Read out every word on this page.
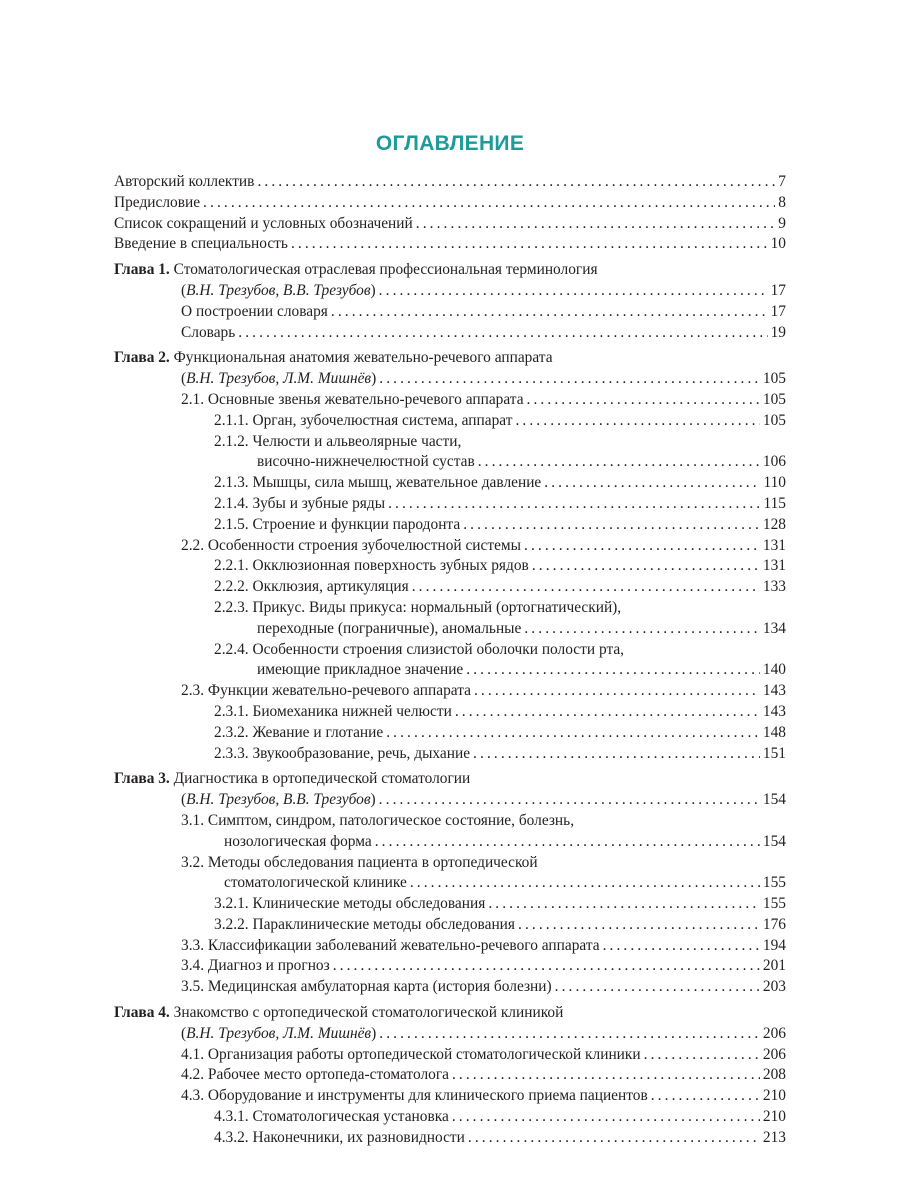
ОГЛАВЛЕНИЕ
Авторский коллектив .....	7
Предисловие .....	8
Список сокращений и условных обозначений .....	9
Введение в специальность .....	10
Глава 1. Стоматологическая отраслевая профессиональная терминология
(В.Н. Трезубов, В.В. Трезубов) .....	17
О построении словаря .....	17
Словарь .....	19
Глава 2. Функциональная анатомия жевательно-речевого аппарата
(В.Н. Трезубов, Л.М. Мишнёв) .....	105
2.1. Основные звенья жевательно-речевого аппарата .....	105
2.1.1. Орган, зубочелюстная система, аппарат .....	105
2.1.2. Челюсти и альвеолярные части,
височно-нижнечелюстной сустав .....	106
2.1.3. Мышцы, сила мышц, жевательное давление .....	110
2.1.4. Зубы и зубные ряды .....	115
2.1.5. Строение и функции пародонта .....	128
2.2. Особенности строения зубочелюстной системы .....	131
2.2.1. Окклюзионная поверхность зубных рядов .....	131
2.2.2. Окклюзия, артикуляция .....	133
2.2.3. Прикус. Виды прикуса: нормальный (ортогнатический),
переходные (пограничные), аномальные .....	134
2.2.4. Особенности строения слизистой оболочки полости рта,
имеющие прикладное значение .....	140
2.3. Функции жевательно-речевого аппарата .....	143
2.3.1. Биомеханика нижней челюсти .....	143
2.3.2. Жевание и глотание .....	148
2.3.3. Звукообразование, речь, дыхание .....	151
Глава 3. Диагностика в ортопедической стоматологии
(В.Н. Трезубов, В.В. Трезубов) .....	154
3.1. Симптом, синдром, патологическое состояние, болезнь,
нозологическая форма .....	154
3.2. Методы обследования пациента в ортопедической
стоматологической клинике .....	155
3.2.1. Клинические методы обследования .....	155
3.2.2. Параклинические методы обследования .....	176
3.3. Классификации заболеваний жевательно-речевого аппарата .....	194
3.4. Диагноз и прогноз .....	201
3.5. Медицинская амбулаторная карта (история болезни) .....	203
Глава 4. Знакомство с ортопедической стоматологической клиникой
(В.Н. Трезубов, Л.М. Мишнёв) .....	206
4.1. Организация работы ортопедической стоматологической клиники .....	206
4.2. Рабочее место ортопеда-стоматолога .....	208
4.3. Оборудование и инструменты для клинического приема пациентов .....	210
4.3.1. Стоматологическая установка .....	210
4.3.2. Наконечники, их разновидности .....	213
